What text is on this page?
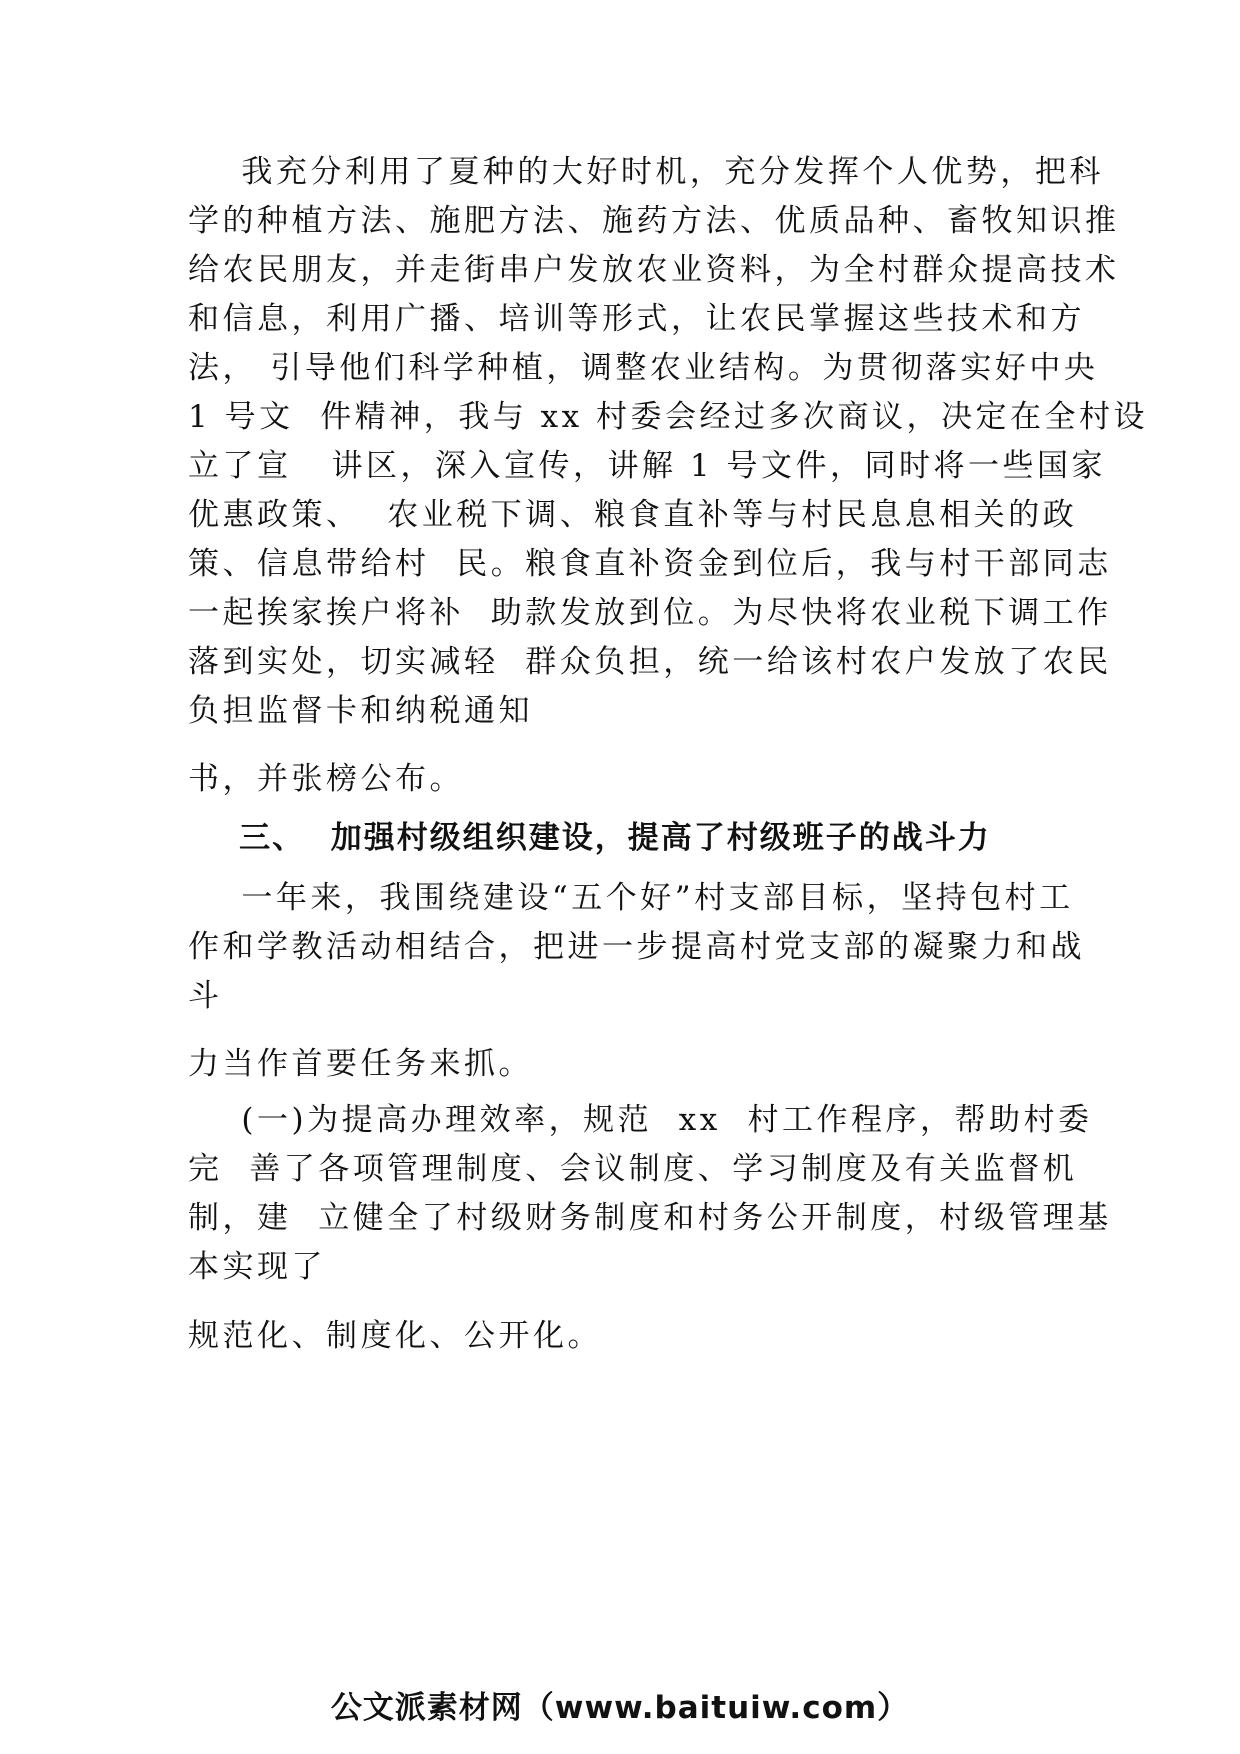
我充分利用了夏种的大好时机，充分发挥个人优势，把科
学的种植方法、施肥方法、施药方法、优质品种、畜牧知识推
给农民朋友，并走街串户发放农业资料，为全村群众提高技术
和信息，利用广播、培训等形式，让农民掌握这些技术和方
法， 引导他们科学种植，调整农业结构。为贯彻落实好中央
1 号文  件精神，我与 xx 村委会经过多次商议，决定在全村设
立了宣   讲区，深入宣传，讲解 1 号文件，同时将一些国家
优惠政策、  农业税下调、粮食直补等与村民息息相关的政
策、信息带给村  民。粮食直补资金到位后，我与村干部同志
一起挨家挨户将补  助款发放到位。为尽快将农业税下调工作
落到实处，切实减轻  群众负担，统一给该村农户发放了农民
负担监督卡和纳税通知
书，并张榜公布。
三、  加强村级组织建设，提高了村级班子的战斗力
一年来，我围绕建设“五个好”村支部目标，坚持包村工
作和学教活动相结合，把进一步提高村党支部的凝聚力和战
斗
力当作首要任务来抓。
(一)为提高办理效率，规范  xx  村工作程序，帮助村委
完  善了各项管理制度、会议制度、学习制度及有关监督机
制，建  立健全了村级财务制度和村务公开制度，村级管理基
本实现了
规范化、制度化、公开化。
公文派素材网（www.baituiw.com）
